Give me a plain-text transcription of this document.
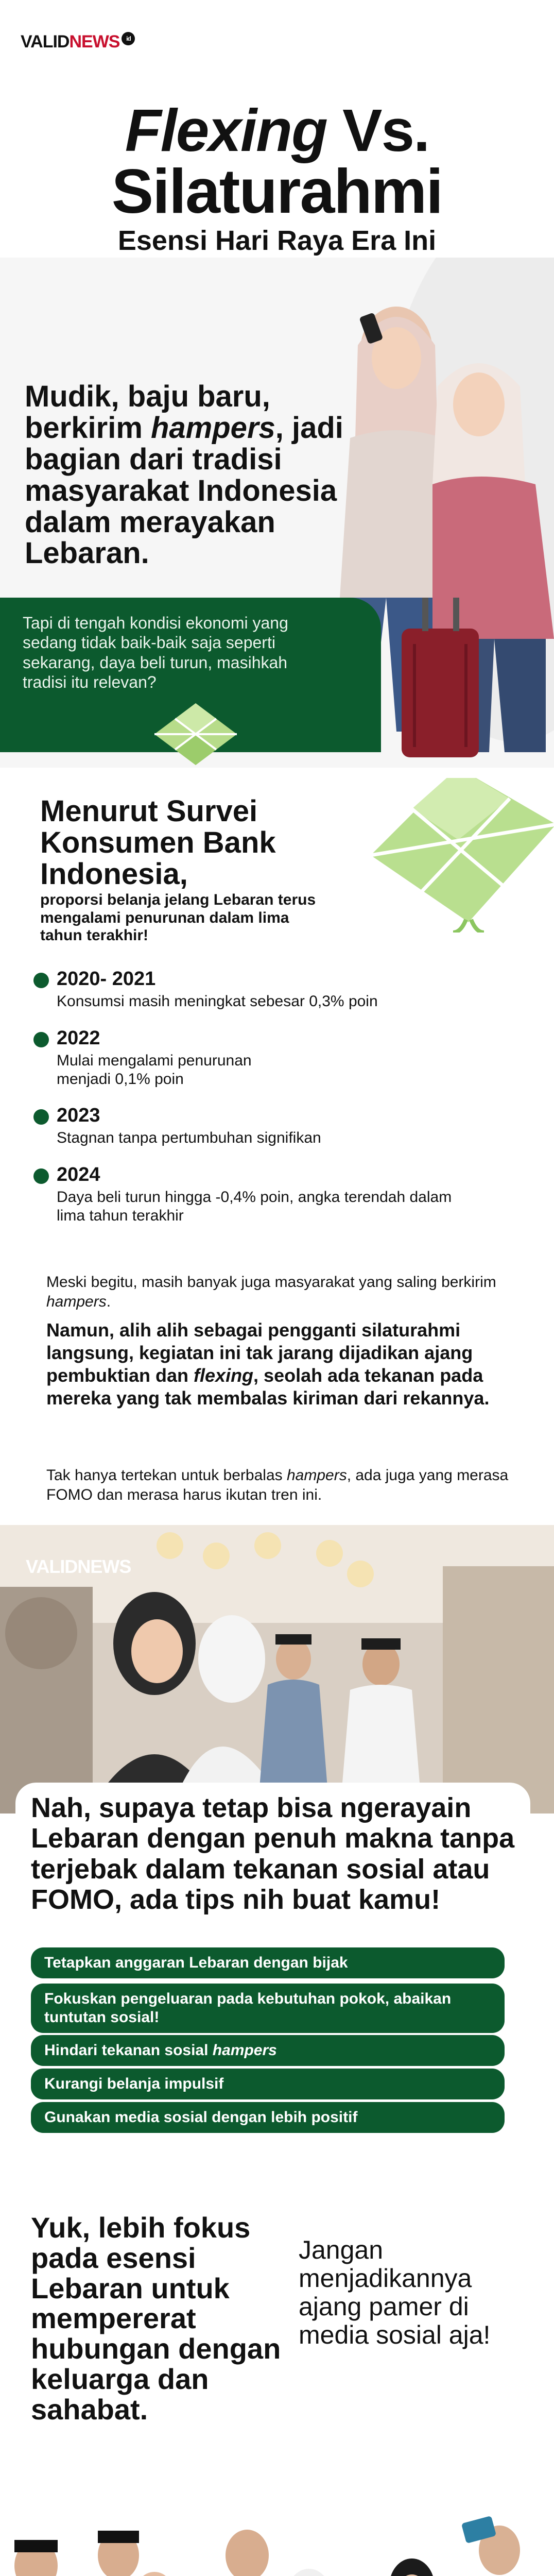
VALIDNEWS id
Flexing Vs.
Silaturahmi
Esensi Hari Raya Era Ini
Mudik, baju baru, berkirim hampers, jadi bagian dari tradisi masyarakat Indonesia dalam merayakan Lebaran.
Tapi di tengah kondisi ekonomi yang sedang tidak baik-baik saja seperti sekarang, daya beli turun, masihkah tradisi itu relevan?
Menurut Survei Konsumen Bank Indonesia,
proporsi belanja jelang Lebaran terus mengalami penurunan dalam lima tahun terakhir!
2020- 2021
Konsumsi masih meningkat sebesar 0,3% poin
2022
Mulai mengalami penurunan menjadi 0,1% poin
2023
Stagnan tanpa pertumbuhan signifikan
2024
Daya beli turun hingga -0,4% poin, angka terendah dalam lima tahun terakhir
Meski begitu, masih banyak juga masyarakat yang saling berkirim hampers.
Namun, alih alih sebagai pengganti silaturahmi langsung, kegiatan ini tak jarang dijadikan ajang pembuktian dan flexing, seolah ada tekanan pada mereka yang tak membalas kiriman dari rekannya.
Tak hanya tertekan untuk berbalas hampers, ada juga yang merasa FOMO dan merasa harus ikutan tren ini.
VALIDNEWS
Nah, supaya tetap bisa ngerayain Lebaran dengan penuh makna tanpa terjebak dalam tekanan sosial atau FOMO, ada tips nih buat kamu!
Tetapkan anggaran Lebaran dengan bijak
Fokuskan pengeluaran pada kebutuhan pokok, abaikan tuntutan sosial!
Hindari tekanan sosial hampers
Kurangi belanja impulsif
Gunakan media sosial dengan lebih positif
Yuk, lebih fokus pada esensi Lebaran untuk mempererat hubungan dengan keluarga dan sahabat.
Jangan menjadikannya ajang pamer di media sosial aja!
